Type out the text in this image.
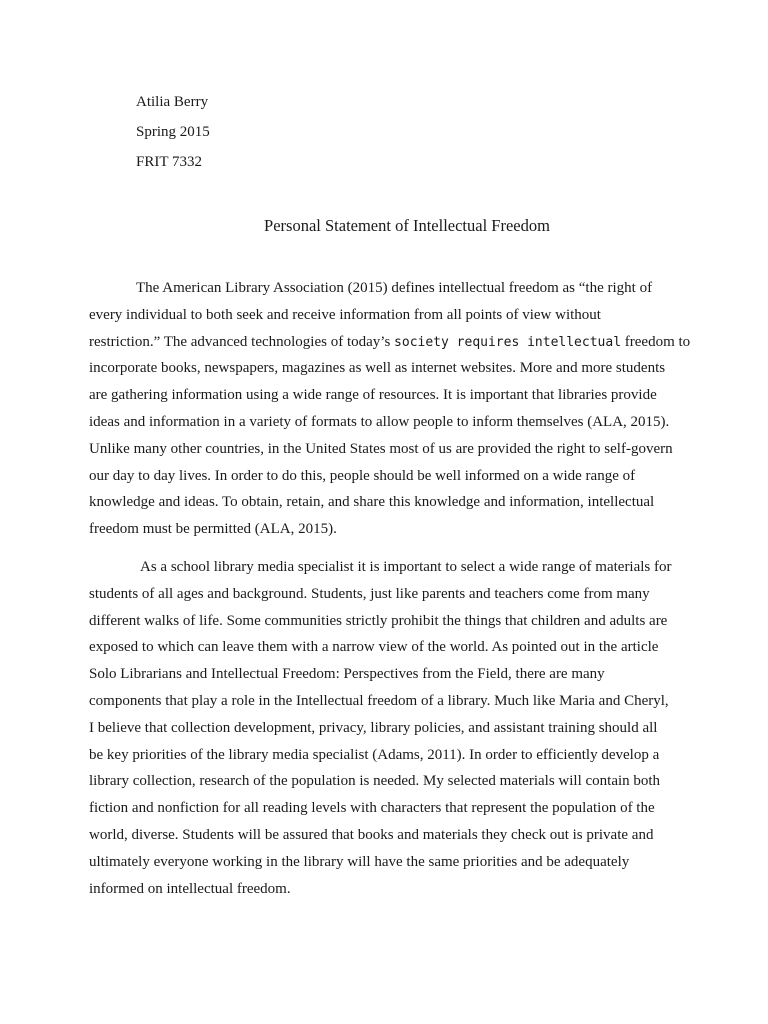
Atilia Berry
Spring 2015
FRIT 7332
Personal Statement of Intellectual Freedom
The American Library Association (2015) defines intellectual freedom as “the right of
every individual to both seek and receive information from all points of view without
restriction.” The advanced technologies of today’s society requires intellectual freedom to
incorporate books, newspapers, magazines as well as internet websites. More and more students
are gathering information using a wide range of resources. It is important that libraries provide
ideas and information in a variety of formats to allow people to inform themselves (ALA, 2015).
Unlike many other countries, in the United States most of us are provided the right to self-govern
our day to day lives. In order to do this, people should be well informed on a wide range of
knowledge and ideas. To obtain, retain, and share this knowledge and information, intellectual
freedom must be permitted (ALA, 2015).
As a school library media specialist it is important to select a wide range of materials for
students of all ages and background. Students, just like parents and teachers come from many
different walks of life. Some communities strictly prohibit the things that children and adults are
exposed to which can leave them with a narrow view of the world. As pointed out in the article
Solo Librarians and Intellectual Freedom: Perspectives from the Field, there are many
components that play a role in the Intellectual freedom of a library. Much like Maria and Cheryl,
I believe that collection development, privacy, library policies, and assistant training should all
be key priorities of the library media specialist (Adams, 2011). In order to efficiently develop a
library collection, research of the population is needed. My selected materials will contain both
fiction and nonfiction for all reading levels with characters that represent the population of the
world, diverse. Students will be assured that books and materials they check out is private and
ultimately everyone working in the library will have the same priorities and be adequately
informed on intellectual freedom.
